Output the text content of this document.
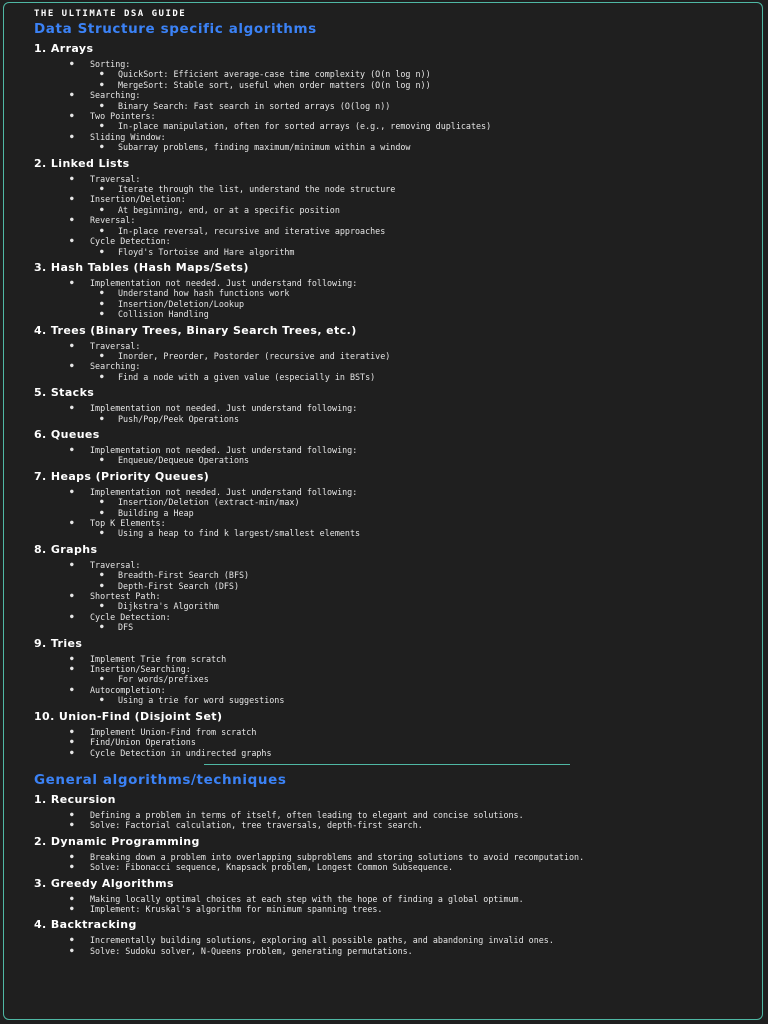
THE ULTIMATE DSA GUIDE
Data Structure specific algorithms
1. Arrays
● Sorting:
● QuickSort: Efficient average-case time complexity (O(n log n))
● MergeSort: Stable sort, useful when order matters (O(n log n))
● Searching:
● Binary Search: Fast search in sorted arrays (O(log n))
● Two Pointers:
● In-place manipulation, often for sorted arrays (e.g., removing duplicates)
● Sliding Window:
● Subarray problems, finding maximum/minimum within a window
2. Linked Lists
● Traversal:
● Iterate through the list, understand the node structure
● Insertion/Deletion:
● At beginning, end, or at a specific position
● Reversal:
● In-place reversal, recursive and iterative approaches
● Cycle Detection:
● Floyd's Tortoise and Hare algorithm
3. Hash Tables (Hash Maps/Sets)
● Implementation not needed. Just understand following:
● Understand how hash functions work
● Insertion/Deletion/Lookup
● Collision Handling
4. Trees (Binary Trees, Binary Search Trees, etc.)
● Traversal:
● Inorder, Preorder, Postorder (recursive and iterative)
● Searching:
● Find a node with a given value (especially in BSTs)
5. Stacks
● Implementation not needed. Just understand following:
● Push/Pop/Peek Operations
6. Queues
● Implementation not needed. Just understand following:
● Enqueue/Dequeue Operations
7. Heaps (Priority Queues)
● Implementation not needed. Just understand following:
● Insertion/Deletion (extract-min/max)
● Building a Heap
● Top K Elements:
● Using a heap to find k largest/smallest elements
8. Graphs
● Traversal:
● Breadth-First Search (BFS)
● Depth-First Search (DFS)
● Shortest Path:
● Dijkstra's Algorithm
● Cycle Detection:
● DFS
9. Tries
● Implement Trie from scratch
● Insertion/Searching:
● For words/prefixes
● Autocompletion:
● Using a trie for word suggestions
10. Union-Find (Disjoint Set)
● Implement Union-Find from scratch
● Find/Union Operations
● Cycle Detection in undirected graphs
General algorithms/techniques
1. Recursion
● Defining a problem in terms of itself, often leading to elegant and concise solutions.
● Solve: Factorial calculation, tree traversals, depth-first search.
2. Dynamic Programming
● Breaking down a problem into overlapping subproblems and storing solutions to avoid recomputation.
● Solve: Fibonacci sequence, Knapsack problem, Longest Common Subsequence.
3. Greedy Algorithms
● Making locally optimal choices at each step with the hope of finding a global optimum.
● Implement: Kruskal's algorithm for minimum spanning trees.
4. Backtracking
● Incrementally building solutions, exploring all possible paths, and abandoning invalid ones.
● Solve: Sudoku solver, N-Queens problem, generating permutations.
